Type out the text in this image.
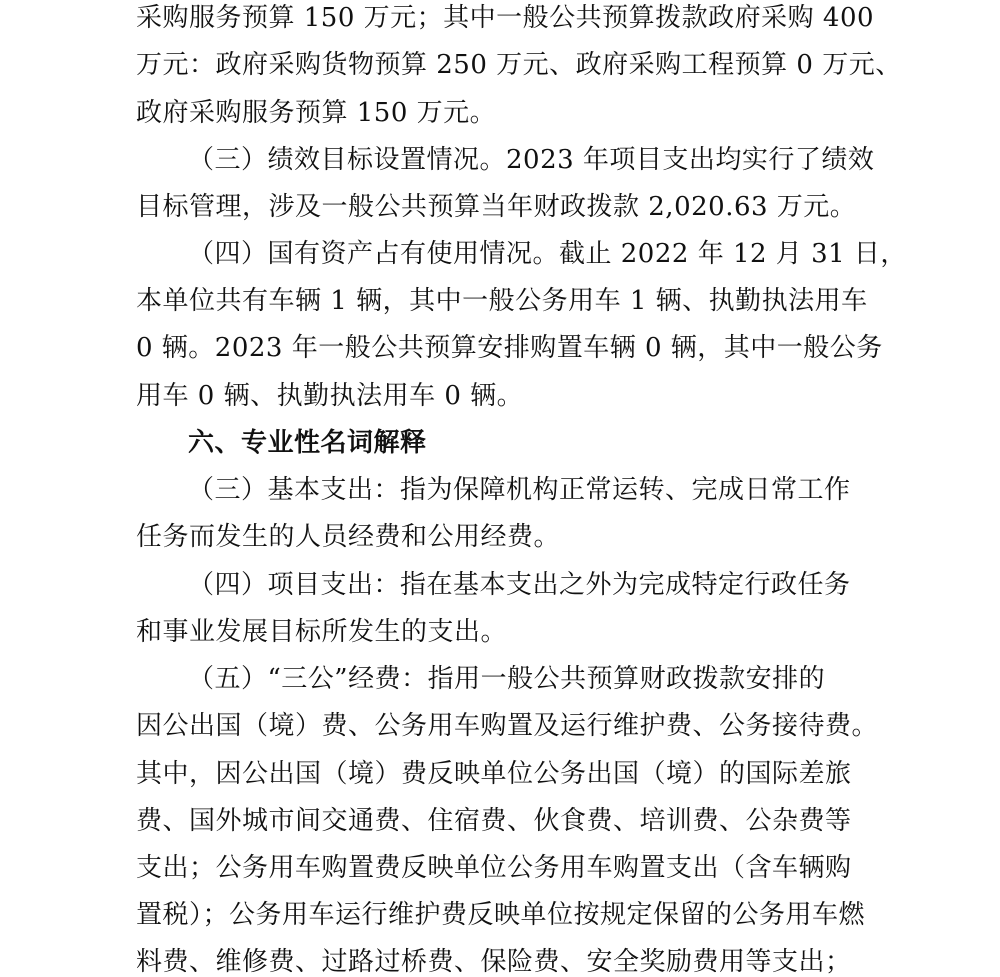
采购服务预算 150 万元；其中一般公共预算拨款政府采购 400
万元：政府采购货物预算 250 万元、政府采购工程预算 0 万元、
政府采购服务预算 150 万元。
（三）绩效目标设置情况。2023 年项目支出均实行了绩效
目标管理，涉及一般公共预算当年财政拨款 2,020.63 万元。
（四）国有资产占有使用情况。截止 2022 年 12 月 31 日，
本单位共有车辆 1 辆，其中一般公务用车 1 辆、执勤执法用车
0 辆。2023 年一般公共预算安排购置车辆 0 辆，其中一般公务
用车 0 辆、执勤执法用车 0 辆。
六、专业性名词解释
（三）基本支出：指为保障机构正常运转、完成日常工作
任务而发生的人员经费和公用经费。
（四）项目支出：指在基本支出之外为完成特定行政任务
和事业发展目标所发生的支出。
（五）“三公”经费：指用一般公共预算财政拨款安排的
因公出国（境）费、公务用车购置及运行维护费、公务接待费。
其中，因公出国（境）费反映单位公务出国（境）的国际差旅
费、国外城市间交通费、住宿费、伙食费、培训费、公杂费等
支出；公务用车购置费反映单位公务用车购置支出（含车辆购
置税）；公务用车运行维护费反映单位按规定保留的公务用车燃
料费、维修费、过路过桥费、保险费、安全奖励费用等支出；
